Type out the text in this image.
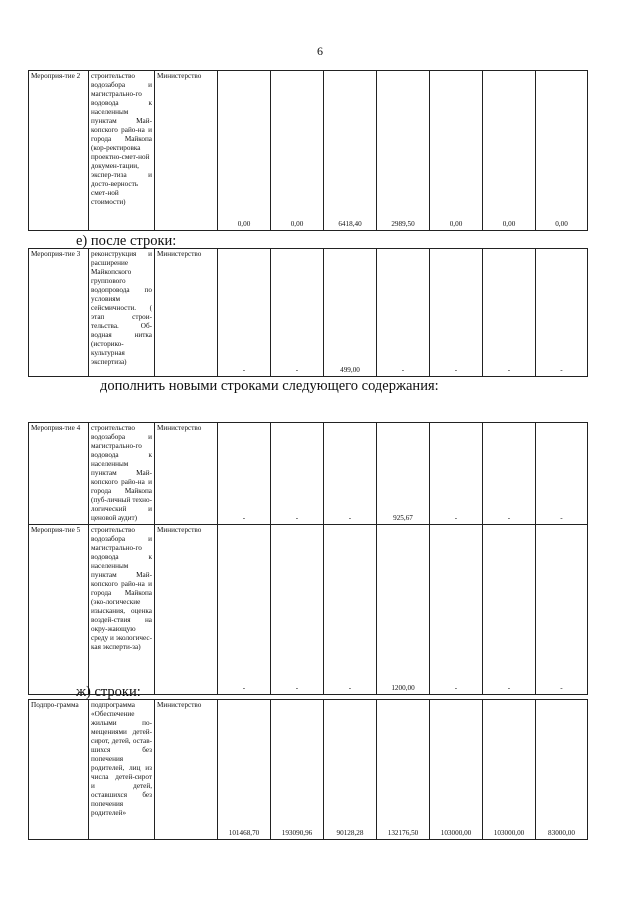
6
Мероприя-тие 2	строительство водозабора и магистрально-го водовода к населенным пунктам Май-копского райо-на и города Майкопа (кор-ректировка проектно-смет-ной докумен-тации, экспер-тиза и досто-верность смет-ной стоимости)	Министерство	0,00	0,00	6418,40	2989,50	0,00	0,00	0,00
е) после строки:
Мероприя-тие 3	реконструкция и расширение Майкопского группового водопровода по условиям сейсмичности. ( этап строи-тельства. Об-водная нитка (историко-культурная экспертиза)	Министерство	-	-	499,00	-	-	-	-
дополнить новыми строками следующего содержания:
Мероприя-тие 4	строительство водозабора и магистрально-го водовода к населенным пунктам Май-копского райо-на и города Майкопа (пуб-личный техно-логический и ценовой аудит)	Министерство	-	-	-	925,67	-	-	-
Мероприя-тие 5	строительство водозабора и магистрально-го водовода к населенным пунктам Май-копского райо-на и города Майкопа (эко-логические изыскания, оценка воздей-ствия на окру-жающую среду и экологичес-кая эксперти-за)	Министерство	-	-	-	1200,00	-	-	-
ж) строки:
Подпро-грамма	подпрограмма «Обеспечение жилыми по-мещениями детей-сирот, детей, остав-шихся без попечения родителей, лиц из числа детей-сирот и детей, оставшихся без попечения родителей»	Министерство	101468,70	193090,96	90128,28	132176,50	103000,00	103000,00	83000,00
